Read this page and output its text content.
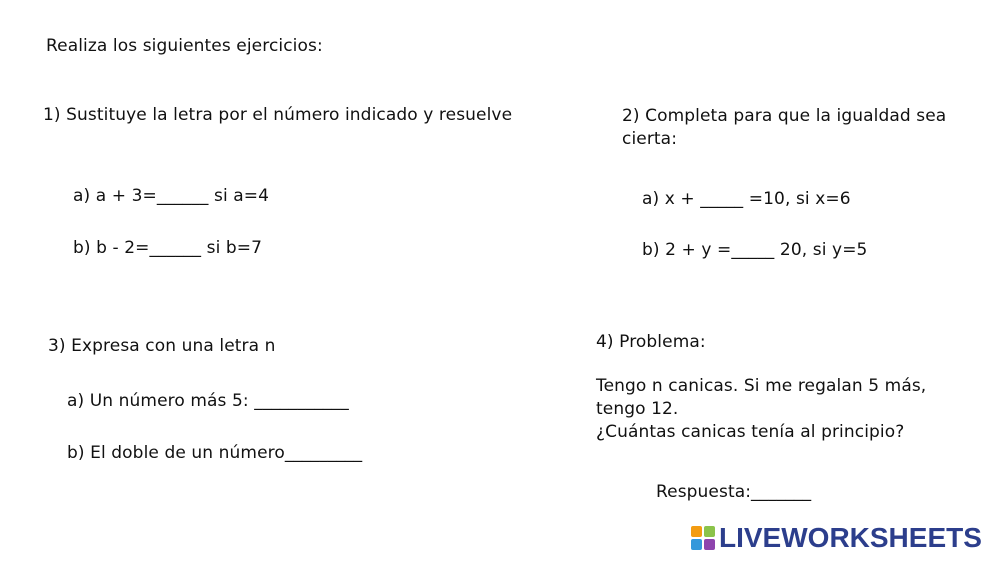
Realiza los siguientes ejercicios:
1) Sustituye la letra por el número indicado y resuelve
a) a + 3=______ si a=4
b) b - 2=______ si b=7
2) Completa para que la igualdad sea
cierta:
a) x + _____ =10, si x=6
b) 2 + y =_____ 20, si y=5
3) Expresa con una letra n
a) Un número más 5: ___________
b) El doble de un número_________
4) Problema:
Tengo n canicas. Si me regalan 5 más,
tengo 12.
¿Cuántas canicas tenía al principio?
Respuesta:_______
LIVEWORKSHEETS
